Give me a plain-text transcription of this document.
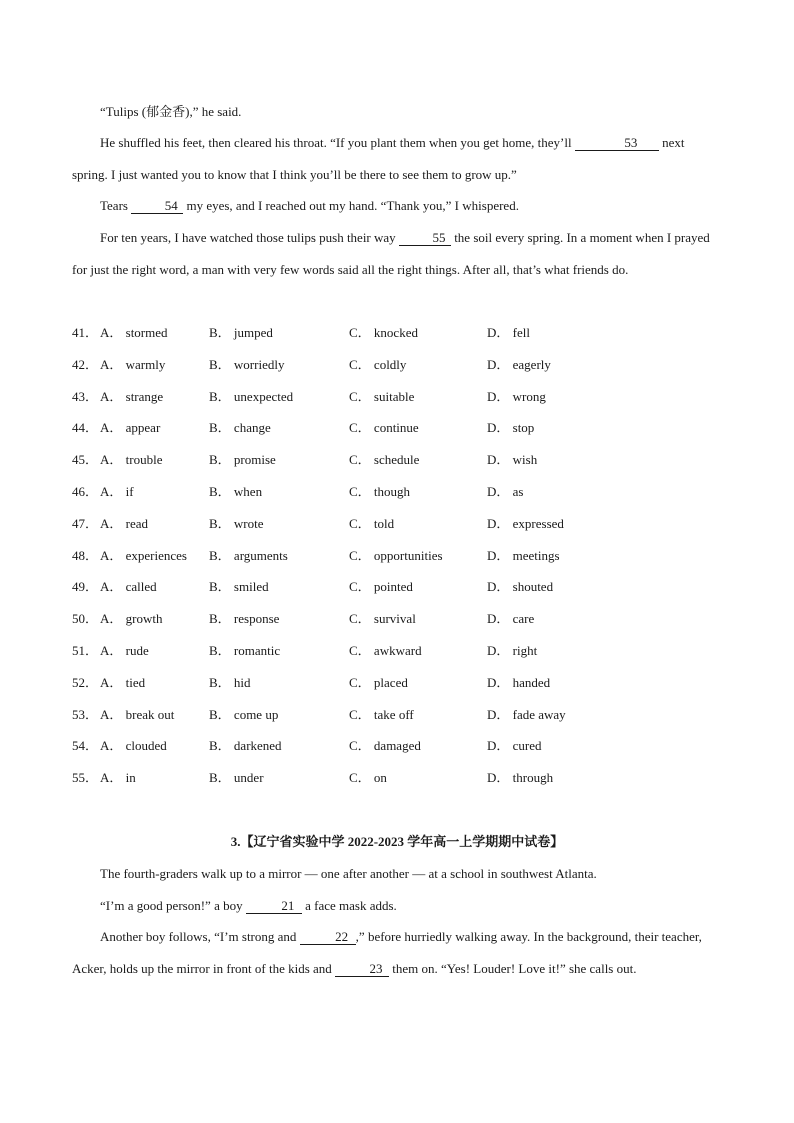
“Tulips (郁金香),” he said.
He shuffled his feet, then cleared his throat. “If you plant them when you get home, they’ll	53 next spring. I just wanted you to know that I think you’ll be there to see them to grow up.”
Tears	54 my eyes, and I reached out my hand. “Thank you,” I whispered.
For ten years, I have watched those tulips push their way	55 the soil every spring. In a moment when I prayed for just the right word, a man with very few words said all the right things. After all, that’s what friends do.
41． A． stormed	B． jumped	C． knocked	D． fell
42． A． warmly	B． worriedly	C． coldly	D． eagerly
43． A． strange	B． unexpected	C． suitable	D． wrong
44． A． appear	B． change	C． continue	D． stop
45． A． trouble	B． promise	C． schedule	D． wish
46． A． if	B． when	C． though	D． as
47． A． read	B． wrote	C． told	D． expressed
48． A． experiences B． arguments	C． opportunities	D． meetings
49． A． called	B． smiled	C． pointed	D． shouted
50． A． growth	B． response	C． survival	D． care
51． A． rude	B． romantic	C． awkward	D． right
52． A． tied	B． hid	C． placed	D． handed
53． A． break out	B． come up	C． take off	D． fade away
54． A． clouded	B． darkened	C． damaged	D． cured
55． A． in	B． under	C． on	D． through
3.【辽宁省实验中学 2022-2023 学年高一上学期期中试卷】
The fourth-graders walk up to a mirror — one after another — at a school in southwest Atlanta.
“I’m a good person!” a boy	21 a face mask adds.
Another boy follows, “I’m strong and	22 ,” before hurriedly walking away. In the background, their teacher, Acker, holds up the mirror in front of the kids and	23 them on. “Yes! Louder! Love it!” she calls out.
